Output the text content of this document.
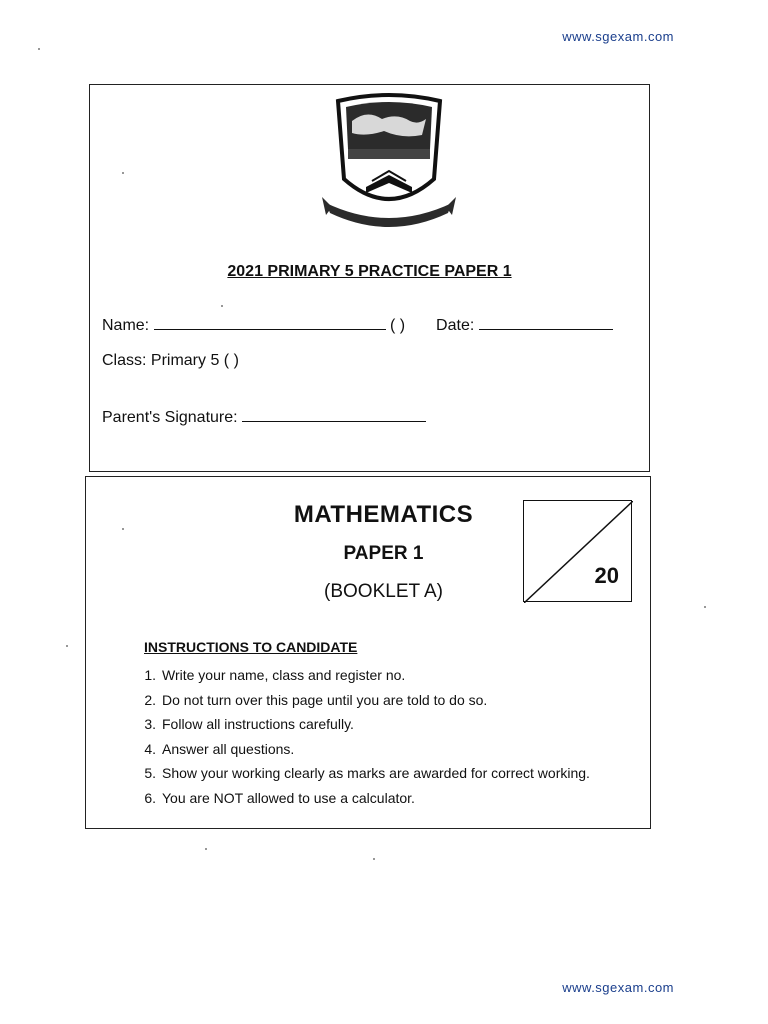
www.sgexam.com
2021 PRIMARY 5 PRACTICE PAPER 1
Name:	( ) Date:
Class: Primary 5 ( )
Parent's Signature:
MATHEMATICS
PAPER 1
(BOOKLET A)
20
INSTRUCTIONS TO CANDIDATE
1. Write your name, class and register no.
2. Do not turn over this page until you are told to do so.
3. Follow all instructions carefully.
4. Answer all questions.
5. Show your working clearly as marks are awarded for correct working.
6. You are NOT allowed to use a calculator.
www.sgexam.com
